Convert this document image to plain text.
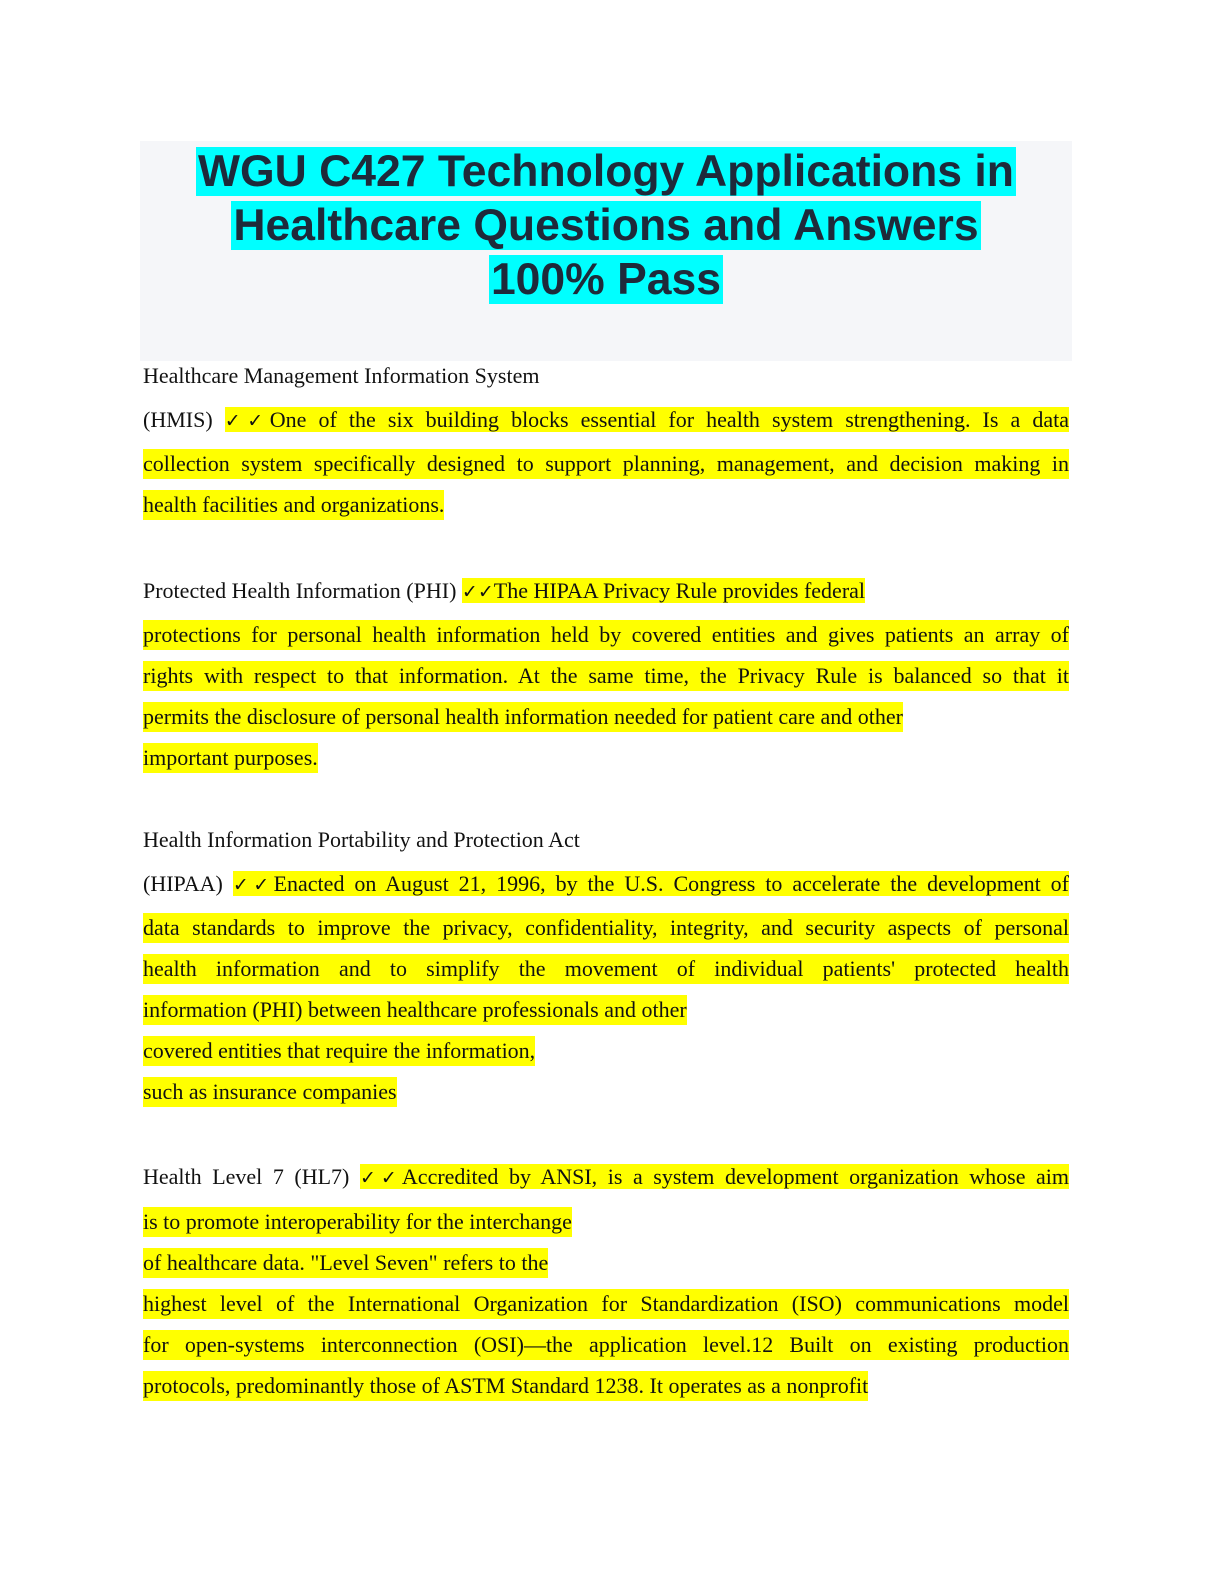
WGU C427 Technology Applications in
Healthcare Questions and Answers
100% Pass
Healthcare Management Information System
(HMIS) ✓✓One of the six building blocks essential for health system strengthening. Is a data
collection system specifically designed to support planning, management, and decision making in
health facilities and organizations.
Protected Health Information (PHI) ✓✓The HIPAA Privacy Rule provides federal
protections for personal health information held by covered entities and gives patients an array of
rights with respect to that information. At the same time, the Privacy Rule is balanced so that it
permits the disclosure of personal health information needed for patient care and other
important purposes.
Health Information Portability and Protection Act
(HIPAA) ✓✓Enacted on August 21, 1996, by the U.S. Congress to accelerate the development of
data standards to improve the privacy, confidentiality, integrity, and security aspects of personal
health information and to simplify the movement of individual patients' protected health
information (PHI) between healthcare professionals and other
covered entities that require the information,
such as insurance companies
Health Level 7 (HL7) ✓✓Accredited by ANSI, is a system development organization whose aim
is to promote interoperability for the interchange
of healthcare data. "Level Seven" refers to the
highest level of the International Organization for Standardization (ISO) communications model
for open-systems interconnection (OSI)—the application level.12 Built on existing production
protocols, predominantly those of ASTM Standard 1238. It operates as a nonprofit
